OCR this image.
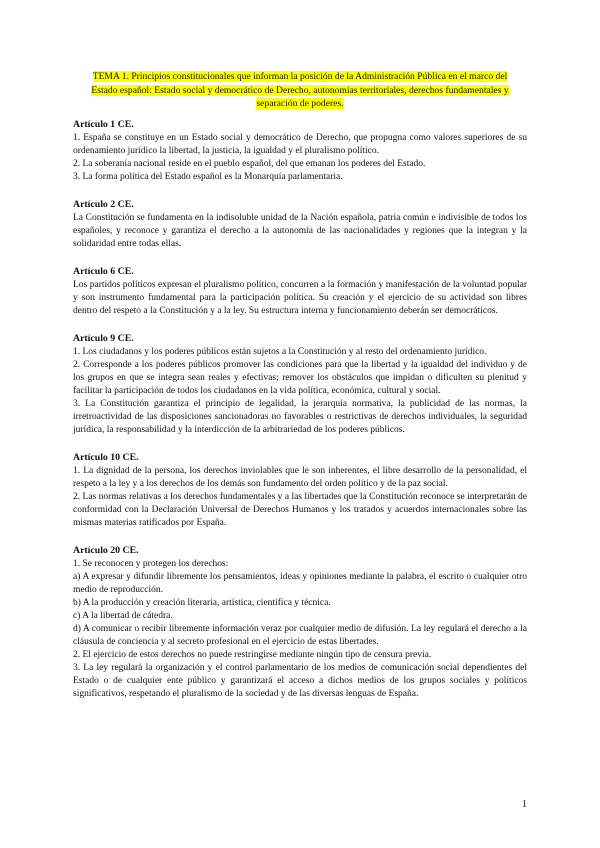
TEMA 1. Principios constitucionales que informan la posición de la Administración Pública en el marco del Estado español: Estado social y democrático de Derecho, autonomías territoriales, derechos fundamentales y separación de poderes.
Artículo 1 CE.

1. España se constituye en un Estado social y democrático de Derecho, que propugna como valores superiores de su ordenamiento jurídico la libertad, la justicia, la igualdad y el pluralismo político.

2. La soberanía nacional reside en el pueblo español, del que emanan los poderes del Estado.

3. La forma política del Estado español es la Monarquía parlamentaria.

Artículo 2 CE.

La Constitución se fundamenta en la indisoluble unidad de la Nación española, patria común e indivisible de todos los españoles, y reconoce y garantiza el derecho a la autonomía de las nacionalidades y regiones que la integran y la solidaridad entre todas ellas.

Artículo 6 CE.

Los partidos políticos expresan el pluralismo político, concurren a la formación y manifestación de la voluntad popular y son instrumento fundamental para la participación política. Su creación y el ejercicio de su actividad son libres dentro del respeto a la Constitución y a la ley. Su estructura interna y funcionamiento deberán ser democráticos.

Artículo 9 CE.

1. Los ciudadanos y los poderes públicos están sujetos a la Constitución y al resto del ordenamiento jurídico.

2. Corresponde a los poderes públicos promover las condiciones para que la libertad y la igualdad del individuo y de los grupos en que se integra sean reales y efectivas; remover los obstáculos que impidan o dificulten su plenitud y facilitar la participación de todos los ciudadanos en la vida política, económica, cultural y social.

3. La Constitución garantiza el principio de legalidad, la jerarquía normativa, la publicidad de las normas, la irretroactividad de las disposiciones sancionadoras no favorables o restrictivas de derechos individuales, la seguridad jurídica, la responsabilidad y la interdicción de la arbitrariedad de los poderes públicos.

Artículo 10 CE.

1. La dignidad de la persona, los derechos inviolables que le son inherentes, el libre desarrollo de la personalidad, el respeto a la ley y a los derechos de los demás son fundamento del orden político y de la paz social.

2. Las normas relativas a los derechos fundamentales y a las libertades que la Constitución reconoce se interpretarán de conformidad con la Declaración Universal de Derechos Humanos y los tratados y acuerdos internacionales sobre las mismas materias ratificados por España.

Artículo 20 CE.

1. Se reconocen y protegen los derechos:

a) A expresar y difundir libremente los pensamientos, ideas y opiniones mediante la palabra, el escrito o cualquier otro medio de reproducción.

b) A la producción y creación literaria, artística, científica y técnica.

c) A la libertad de cátedra.

d) A comunicar o recibir libremente información veraz por cualquier medio de difusión. La ley regulará el derecho a la cláusula de conciencia y al secreto profesional en el ejercicio de estas libertades.

2. El ejercicio de estos derechos no puede restringirse mediante ningún tipo de censura previa.

3. La ley regulará la organización y el control parlamentario de los medios de comunicación social dependientes del Estado o de cualquier ente público y garantizará el acceso a dichos medios de los grupos sociales y políticos significativos, respetando el pluralismo de la sociedad y de las diversas lenguas de España.

1
